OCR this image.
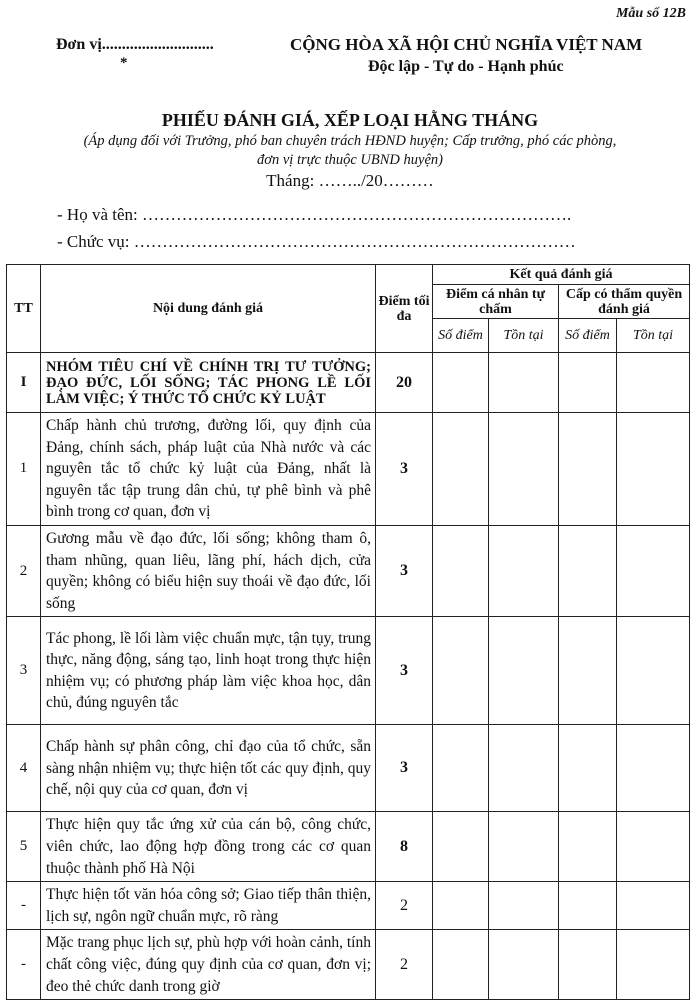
Mẫu số 12B
Đơn vị............................
*
CỘNG HÒA XÃ HỘI CHỦ NGHĨA VIỆT NAM
Độc lập - Tự do - Hạnh phúc
PHIẾU ĐÁNH GIÁ, XẾP LOẠI HẰNG THÁNG
(Áp dụng đối với Trưởng, phó ban chuyên trách HĐND huyện; Cấp trưởng, phó các phòng, đơn vị trực thuộc UBND huyện)
Tháng: ……../20………
- Họ và tên: ………………………………………………………………….
- Chức vụ: ……………………………………………………………………
TT	Nội dung đánh giá	Điểm tối đa	Kết quả đánh giá			
			Điểm cá nhân tự chấm		Cấp có thẩm quyền đánh giá	
			Số điểm	Tồn tại	Số điểm	Tồn tại
I	NHÓM TIÊU CHÍ VỀ CHÍNH TRỊ TƯ TƯỞNG; ĐẠO ĐỨC, LỐI SỐNG; TÁC PHONG LỀ LỐI LÀM VIỆC; Ý THỨC TỔ CHỨC KỶ LUẬT	20				
1	Chấp hành chủ trương, đường lối, quy định của Đảng, chính sách, pháp luật của Nhà nước và các nguyên tắc tổ chức kỷ luật của Đảng, nhất là nguyên tắc tập trung dân chủ, tự phê bình và phê bình trong cơ quan, đơn vị	3				
2	Gương mẫu về đạo đức, lối sống; không tham ô, tham nhũng, quan liêu, lãng phí, hách dịch, cửa quyền; không có biểu hiện suy thoái về đạo đức, lối sống	3				
3	Tác phong, lề lối làm việc chuẩn mực, tận tụy, trung thực, năng động, sáng tạo, linh hoạt trong thực hiện nhiệm vụ; có phương pháp làm việc khoa học, dân chủ, đúng nguyên tắc	3				
4	Chấp hành sự phân công, chỉ đạo của tổ chức, sẵn sàng nhận nhiệm vụ; thực hiện tốt các quy định, quy chế, nội quy của cơ quan, đơn vị	3				
5	Thực hiện quy tắc ứng xử của cán bộ, công chức, viên chức, lao động hợp đồng trong các cơ quan thuộc thành phố Hà Nội	8				
-	Thực hiện tốt văn hóa công sở; Giao tiếp thân thiện, lịch sự, ngôn ngữ chuẩn mực, rõ ràng	2				
-	Mặc trang phục lịch sự, phù hợp với hoàn cảnh, tính chất công việc, đúng quy định của cơ quan, đơn vị; đeo thẻ chức danh trong giờ	2				
